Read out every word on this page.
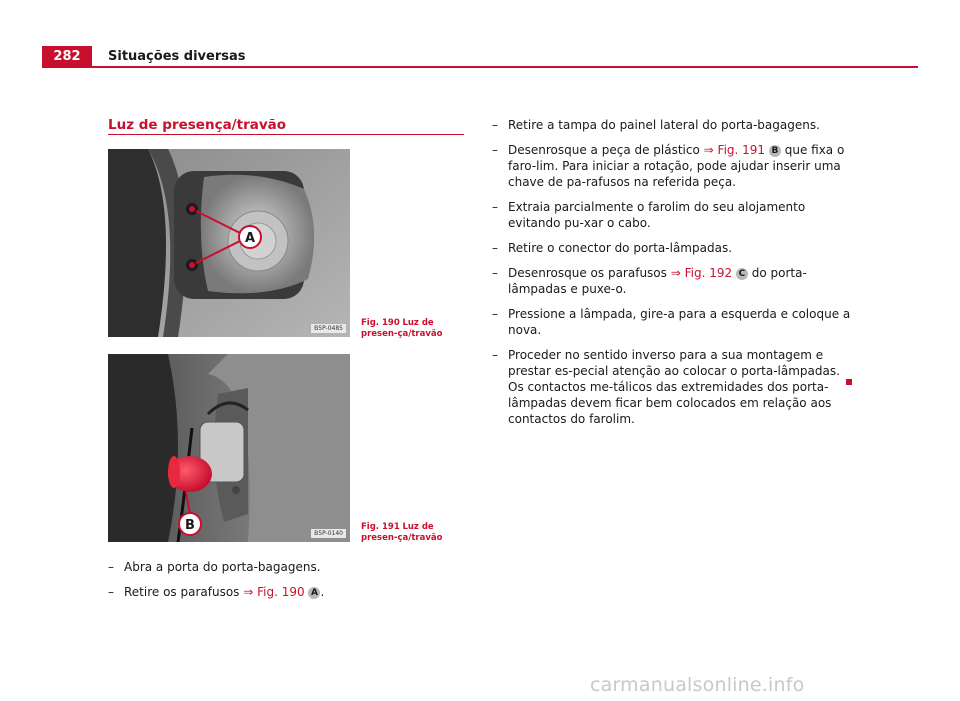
282	Situações diversas
Luz de presença/travão
A
B5P-0485
Fig. 190 Luz de presen-ça/travão
B
B5P-0140
Fig. 191 Luz de presen-ça/travão
– Abra a porta do porta-bagagens.
– Retire os parafusos ⇒ Fig. 190 A .
– Retire a tampa do painel lateral do porta-bagagens.
– Desenrosque a peça de plástico ⇒ Fig. 191 B que fixa o faro-lim. Para iniciar a rotação, pode ajudar inserir uma chave de pa-rafusos na referida peça.
– Extraia parcialmente o farolim do seu alojamento evitando pu-xar o cabo.
– Retire o conector do porta-lâmpadas.
– Desenrosque os parafusos ⇒ Fig. 192 C do porta-lâmpadas e puxe-o.
– Pressione a lâmpada, gire-a para a esquerda e coloque a nova.
– Proceder no sentido inverso para a sua montagem e prestar es-pecial atenção ao colocar o porta-lâmpadas. Os contactos me-tálicos das extremidades dos porta-lâmpadas devem ficar bem colocados em relação aos contactos do farolim.
carmanualsonline.info
